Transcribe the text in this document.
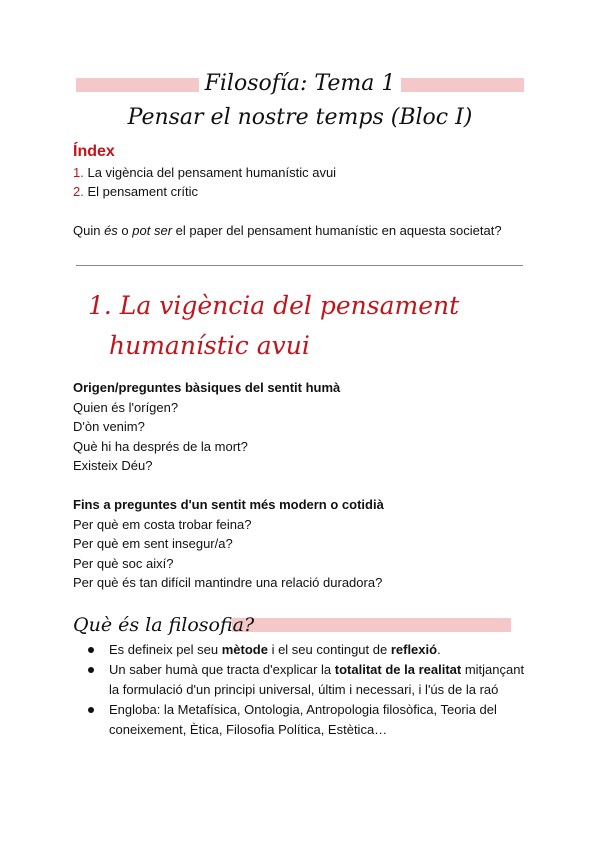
Filosofía: Tema 1
Pensar el nostre temps (Bloc I)
Índex
1. La vigència del pensament humanístic avui
2. El pensament crític
Quin és o pot ser el paper del pensament humanístic en aquesta societat?
1. La vigència del pensament
humanístic avui
Origen/preguntes bàsiques del sentit humà
Quien és l'orígen?
D'òn venim?
Què hi ha després de la mort?
Existeix Déu?
Fins a preguntes d'un sentit més modern o cotidià
Per què em costa trobar feina?
Per què em sent insegur/a?
Per què soc així?
Per què és tan difícil mantindre una relació duradora?
Què és la filosofia?
Es defineix pel seu mètode i el seu contingut de reflexió.
Un saber humà que tracta d'explicar la totalitat de la realitat mitjançant la formulació d'un principi universal, últim i necessari, i l'ús de la raó
Engloba: la Metafísica, Ontologia, Antropologia filosòfica, Teoria del coneixement, Ètica, Filosofia Política, Estètica…
